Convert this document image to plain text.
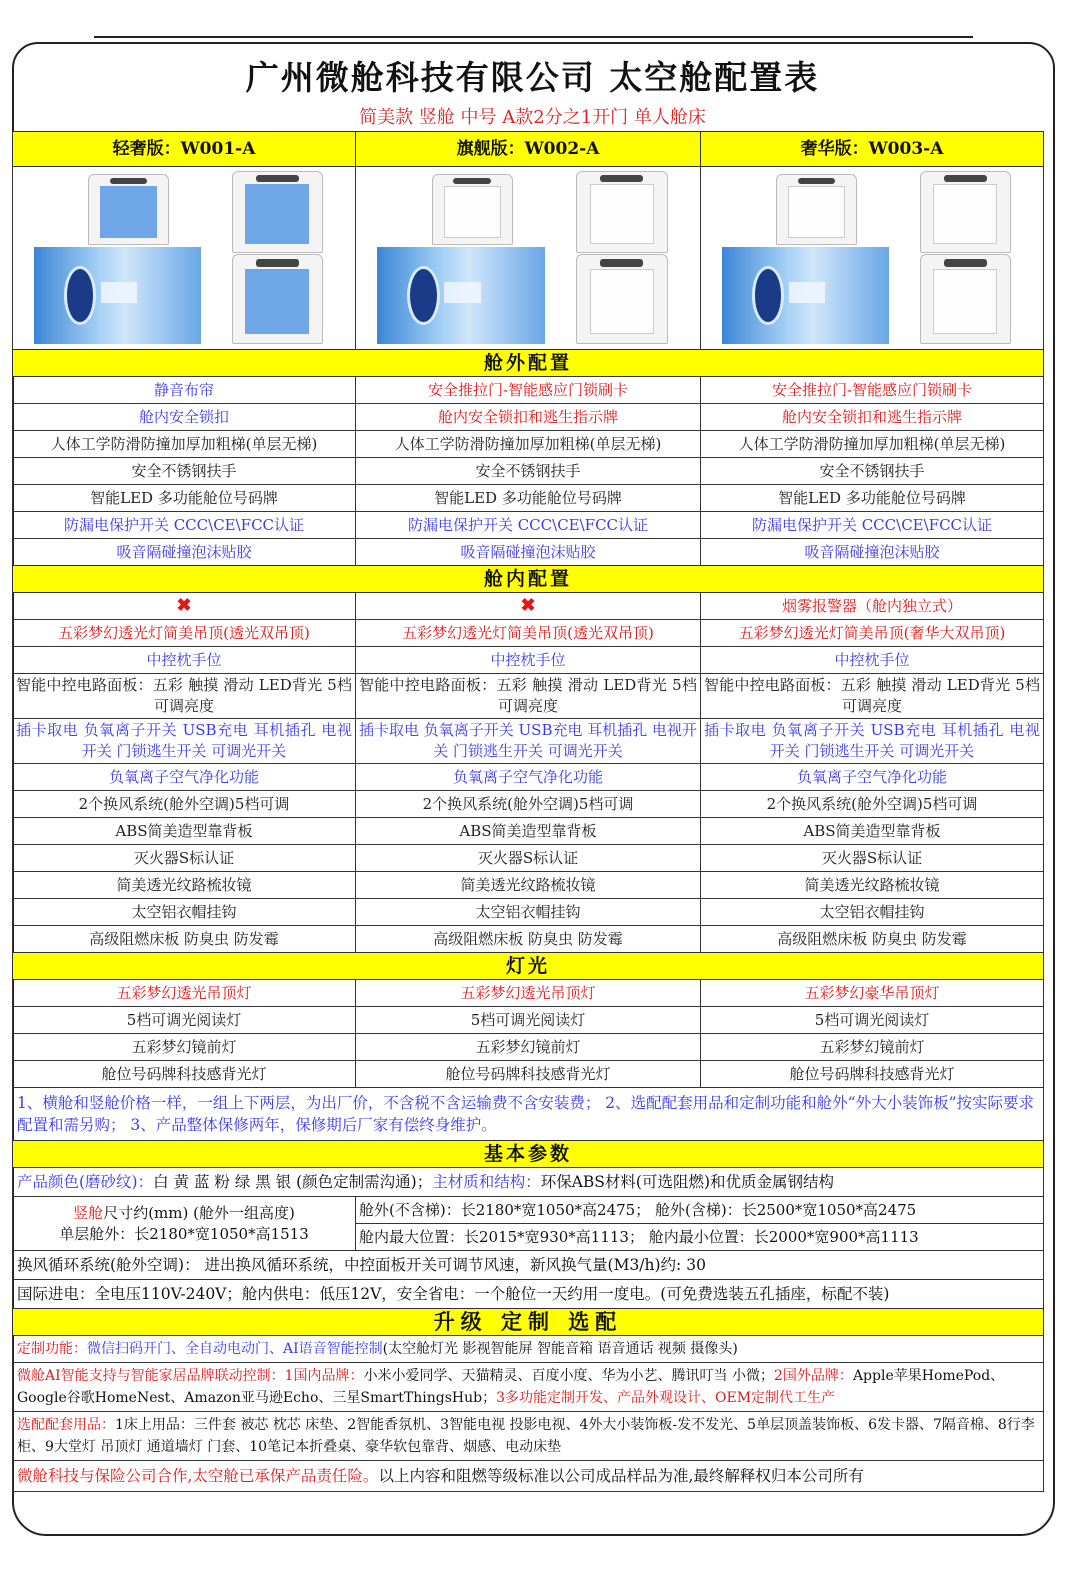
广州微舱科技有限公司 太空舱配置表
简美款 竖舱 中号 A款2分之1开门 单人舱床
轻奢版：W001-A	旗舰版：W002-A	奢华版：W003-A

舱外配置		
静音布帘	安全推拉门-智能感应门锁刷卡	安全推拉门-智能感应门锁刷卡
舱内安全锁扣	舱内安全锁扣和逃生指示牌	舱内安全锁扣和逃生指示牌
人体工学防滑防撞加厚加粗梯(单层无梯)	人体工学防滑防撞加厚加粗梯(单层无梯)	人体工学防滑防撞加厚加粗梯(单层无梯)
安全不锈钢扶手	安全不锈钢扶手	安全不锈钢扶手
智能LED 多功能舱位号码牌	智能LED 多功能舱位号码牌	智能LED 多功能舱位号码牌
防漏电保护开关 CCC\CE\FCC认证	防漏电保护开关 CCC\CE\FCC认证	防漏电保护开关 CCC\CE\FCC认证
吸音隔碰撞泡沫贴胶	吸音隔碰撞泡沫贴胶	吸音隔碰撞泡沫贴胶
舱内配置		
✖	✖	烟雾报警器（舱内独立式）
五彩梦幻透光灯简美吊顶(透光双吊顶)	五彩梦幻透光灯简美吊顶(透光双吊顶)	五彩梦幻透光灯简美吊顶(奢华大双吊顶)
中控枕手位	中控枕手位	中控枕手位
智能中控电路面板：五彩 触摸 滑动 LED背光 5档可调亮度	智能中控电路面板：五彩 触摸 滑动 LED背光 5档可调亮度	智能中控电路面板：五彩 触摸 滑动 LED背光 5档可调亮度
插卡取电 负氧离子开关 USB充电 耳机插孔 电视开关 门锁逃生开关 可调光开关	插卡取电 负氧离子开关 USB充电 耳机插孔 电视开关 门锁逃生开关 可调光开关	插卡取电 负氧离子开关 USB充电 耳机插孔 电视开关 门锁逃生开关 可调光开关
负氧离子空气净化功能	负氧离子空气净化功能	负氧离子空气净化功能
2个换风系统(舱外空调)5档可调	2个换风系统(舱外空调)5档可调	2个换风系统(舱外空调)5档可调
ABS简美造型靠背板	ABS简美造型靠背板	ABS简美造型靠背板
灭火器S标认证	灭火器S标认证	灭火器S标认证
简美透光纹路梳妆镜	简美透光纹路梳妆镜	简美透光纹路梳妆镜
太空铝衣帽挂钩	太空铝衣帽挂钩	太空铝衣帽挂钩
高级阻燃床板 防臭虫 防发霉	高级阻燃床板 防臭虫 防发霉	高级阻燃床板 防臭虫 防发霉
灯光		
五彩梦幻透光吊顶灯	五彩梦幻透光吊顶灯	五彩梦幻豪华吊顶灯
5档可调光阅读灯	5档可调光阅读灯	5档可调光阅读灯
五彩梦幻镜前灯	五彩梦幻镜前灯	五彩梦幻镜前灯
舱位号码牌科技感背光灯	舱位号码牌科技感背光灯	舱位号码牌科技感背光灯
1、横舱和竖舱价格一样，一组上下两层，为出厂价，不含税不含运输费不含安装费； 2、选配配套用品和定制功能和舱外“外大小装饰板”按实际要求配置和需另购； 3、产品整体保修两年，保修期后厂家有偿终身维护。		
基本参数		
产品颜色(磨砂纹)：白 黄 蓝 粉 绿 黑 银 (颜色定制需沟通)；主材质和结构：环保ABS材料(可选阻燃)和优质金属钢结构		
竖舱尺寸约(mm) (舱外一组高度)
单层舱外：长2180*宽1050*高1513	舱外(不含梯)：长2180*宽1050*高2475； 舱外(含梯)：长2500*宽1050*高2475	
	舱内最大位置：长2015*宽930*高1113； 舱内最小位置：长2000*宽900*高1113	
换风循环系统(舱外空调)： 进出换风循环系统，中控面板开关可调节风速，新风换气量(M3/h)约: 30		
国际进电：全电压110V-240V；舱内供电：低压12V，安全省电：一个舱位一天约用一度电。(可免费选装五孔插座，标配不装)		
升级 定制 选配		
定制功能：微信扫码开门、全自动电动门、AI语音智能控制(太空舱灯光 影视智能屏 智能音箱 语音通话 视频 摄像头)		
微舱AI智能支持与智能家居品牌联动控制：1国内品牌：小米小爱同学、天猫精灵、百度小度、华为小艺、腾讯叮当 小微；2国外品牌：Apple苹果HomePod、Google谷歌HomeNest、Amazon亚马逊Echo、三星SmartThingsHub；3多功能定制开发、产品外观设计、OEM定制代工生产		
选配配套用品：1床上用品：三件套 被芯 枕芯 床垫、2智能香氛机、3智能电视 投影电视、4外大小装饰板-发不发光、5单层顶盖装饰板、6发卡器、7隔音棉、8行李柜、9大堂灯 吊顶灯 通道墙灯 门套、10笔记本折叠桌、豪华软包靠背、烟感、电动床垫		
微舱科技与保险公司合作,太空舱已承保产品责任险。以上内容和阻燃等级标准以公司成品样品为准,最终解释权归本公司所有		
